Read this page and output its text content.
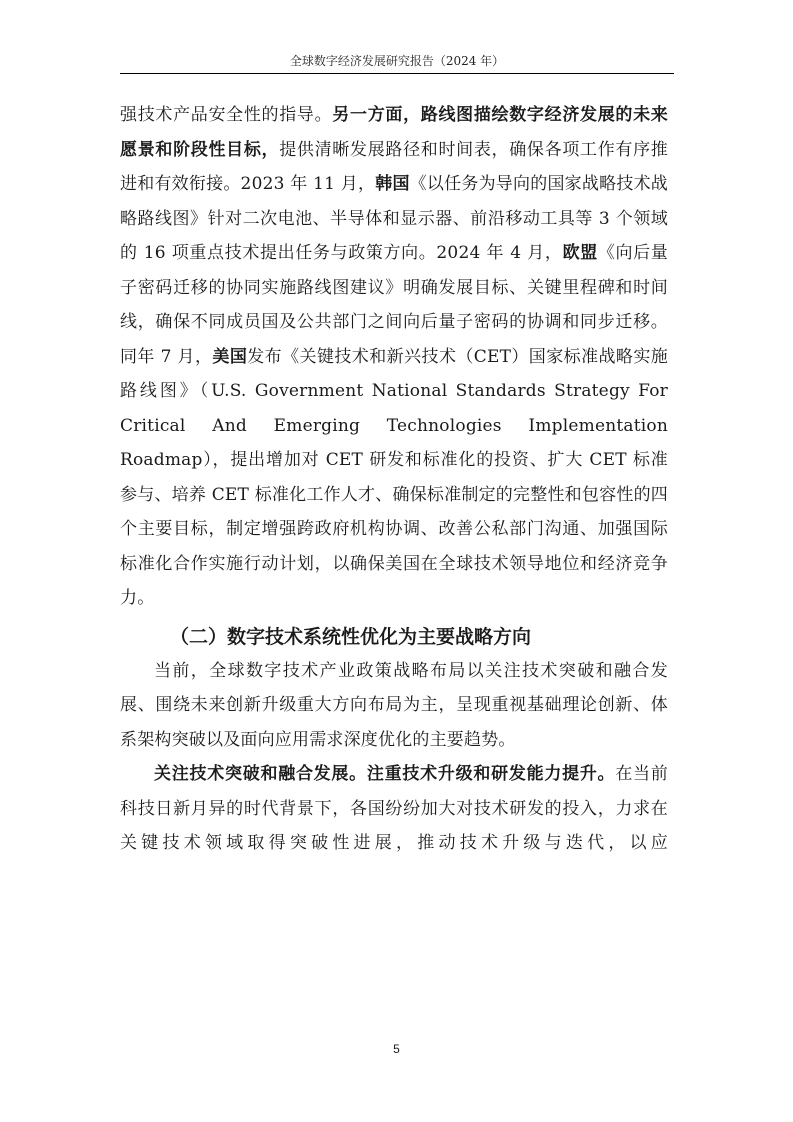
全球数字经济发展研究报告（2024 年）

强技术产品安全性的指导。另一方面，路线图描绘数字经济发展的未来愿景和阶段性目标，提供清晰发展路径和时间表，确保各项工作有序推进和有效衔接。2023 年 11 月，韩国《以任务为导向的国家战略技术战略路线图》针对二次电池、半导体和显示器、前沿移动工具等 3 个领域的 16 项重点技术提出任务与政策方向。2024 年 4 月，欧盟《向后量子密码迁移的协同实施路线图建议》明确发展目标、关键里程碑和时间线，确保不同成员国及公共部门之间向后量子密码的协调和同步迁移。同年 7 月，美国发布《关键技术和新兴技术（CET）国家标准战略实施路线图》（U.S. Government National Standards Strategy For Critical And Emerging Technologies Implementation Roadmap），提出增加对 CET 研发和标准化的投资、扩大 CET 标准参与、培养 CET 标准化工作人才、确保标准制定的完整性和包容性的四个主要目标，制定增强跨政府机构协调、改善公私部门沟通、加强国际标准化合作实施行动计划，以确保美国在全球技术领导地位和经济竞争力。

（二）数字技术系统性优化为主要战略方向

当前，全球数字技术产业政策战略布局以关注技术突破和融合发展、围绕未来创新升级重大方向布局为主，呈现重视基础理论创新、体系架构突破以及面向应用需求深度优化的主要趋势。

关注技术突破和融合发展。注重技术升级和研发能力提升。在当前科技日新月异的时代背景下，各国纷纷加大对技术研发的投入，力求在关键技术领域取得突破性进展，推动技术升级与迭代，以应

5
